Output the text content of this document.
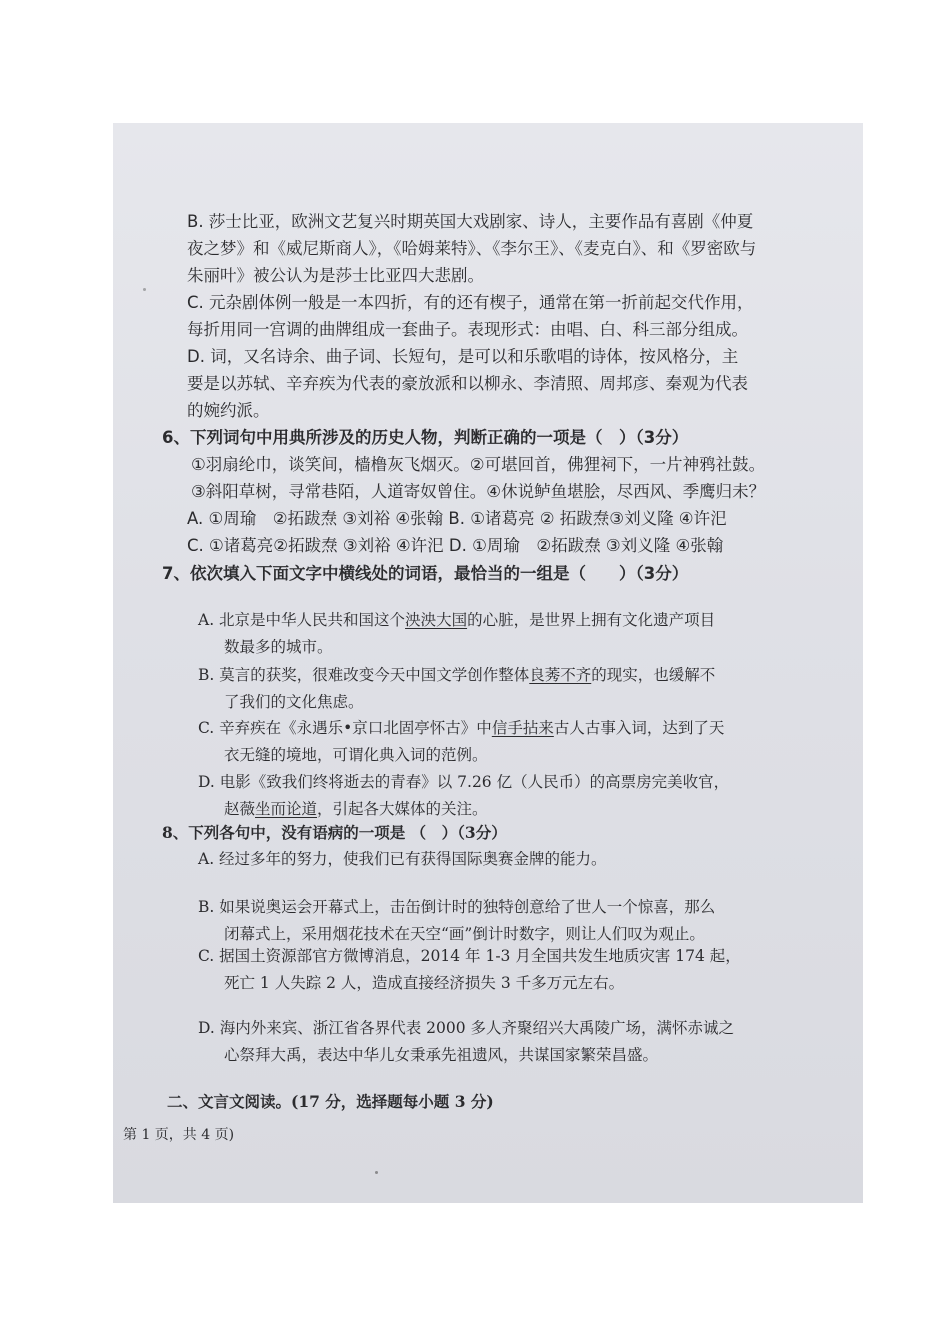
B. 莎士比亚，欧洲文艺复兴时期英国大戏剧家、诗人，主要作品有喜剧《仲夏
夜之梦》和《威尼斯商人》，《哈姆莱特》、《李尔王》、《麦克白》、和《罗密欧与
朱丽叶》被公认为是莎士比亚四大悲剧。
C. 元杂剧体例一般是一本四折，有的还有楔子，通常在第一折前起交代作用，
每折用同一宫调的曲牌组成一套曲子。表现形式：由唱、白、科三部分组成。
D. 词，又名诗余、曲子词、长短句，是可以和乐歌唱的诗体，按风格分，主
要是以苏轼、辛弃疾为代表的豪放派和以柳永、李清照、周邦彦、秦观为代表
的婉约派。
6、下列词句中用典所涉及的历史人物，判断正确的一项是（　）（3分）
①羽扇纶巾，谈笑间，樯橹灰飞烟灭。②可堪回首，佛狸祠下，一片神鸦社鼓。
③斜阳草树，寻常巷陌，人道寄奴曾住。④休说鲈鱼堪脍，尽西风、季鹰归未？
A. ①周瑜　②拓跋焘 ③刘裕 ④张翰 B. ①诸葛亮 ② 拓跋焘③刘义隆 ④许汜
C. ①诸葛亮②拓跋焘 ③刘裕 ④许汜 D. ①周瑜　②拓跋焘 ③刘义隆 ④张翰
7、依次填入下面文字中横线处的词语，最恰当的一组是（　　）（3分）
A. 北京是中华人民共和国这个泱泱大国的心脏，是世界上拥有文化遗产项目
数最多的城市。
B. 莫言的获奖，很难改变今天中国文学创作整体良莠不齐的现实，也缓解不
了我们的文化焦虑。
C. 辛弃疾在《永遇乐•京口北固亭怀古》中信手拈来古人古事入词，达到了天
衣无缝的境地，可谓化典入词的范例。
D. 电影《致我们终将逝去的青春》以 7.26 亿（人民币）的高票房完美收官，
赵薇坐而论道，引起各大媒体的关注。
8、下列各句中，没有语病的一项是 （　）（3分）
A. 经过多年的努力，使我们已有获得国际奥赛金牌的能力。
B. 如果说奥运会开幕式上，击缶倒计时的独特创意给了世人一个惊喜，那么
闭幕式上，采用烟花技术在天空“画”倒计时数字，则让人们叹为观止。
C. 据国土资源部官方微博消息，2014 年 1-3 月全国共发生地质灾害 174 起，
死亡 1 人失踪 2 人，造成直接经济损失 3 千多万元左右。
D. 海内外来宾、浙江省各界代表 2000 多人齐聚绍兴大禹陵广场，满怀赤诚之
心祭拜大禹，表达中华儿女秉承先祖遗风，共谋国家繁荣昌盛。
二、文言文阅读。(17 分，选择题每小题 3 分)
第 1 页，共 4 页)
